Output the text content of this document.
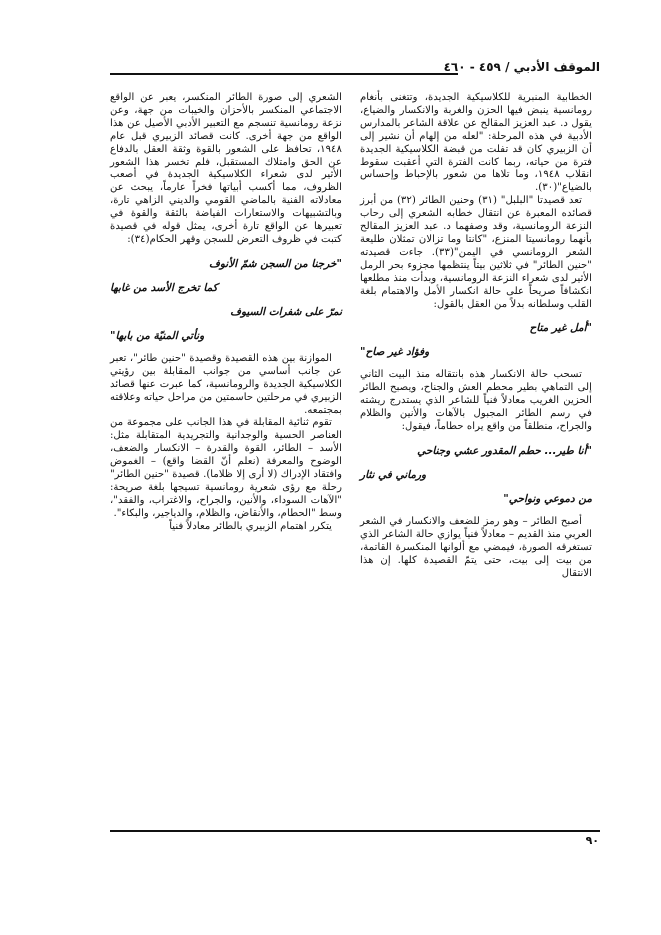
الموقف الأدبي / ٤٥٩ - ٤٦٠

الخطابية المنبرية للكلاسيكية الجديدة، وتتغنى بأنغام رومانسية ينبض فيها الحزن والغربة والانكسار والضياع، يقول د. عبد العزيز المقالح عن علاقة الشاعر بالمدارس الأدبية في هذه المرحلة: "لعله من إلهام أن نشير إلى أن الزبيري كان قد تفلت من قبضة الكلاسيكية الجديدة فترة من حياته، ربما كانت الفترة التي أعقبت سقوط انقلاب ١٩٤٨، وما تلاها من شعور بالإحباط وإحساس بالضياع"(٣٠).

تعد قصيدتا "البلبل" (٣١) وحنين الطائر (٣٢) من أبرز قصائده المعبرة عن انتقال خطابه الشعري إلى رحاب النزعة الرومانسية، وقد وصفهما د. عبد العزيز المقالح بأنهما رومانسيتا المنزع، "كانتا وما تزالان تمثلان طليعة الشعر الرومانسي في اليمن"(٣٣). جاءت قصيدته "حنين الطائر" في ثلاثين بيتاً ينتظمها مجزوء بحر الرمل الأثير لدى شعراء النزعة الرومانسية، وبدأت منذ مطلعها انكشافاً صريحاً على حالة انكسار الأمل والاهتمام بلغة القلب وسلطانه بدلاً من العقل بالقول:

"أمل غير متاح
وفؤاد غير صاح"

تسحب حالة الانكسار هذه بانتقاله منذ البيت الثاني إلى التماهي بطير محطم العش والجناح، ويصبح الطائر الحزين الغريب معادلاً فنياً للشاعر الذي يستدرج ريشته في رسم الطائر المجبول بالآهات والأنين والظلام والجراح، منطلقاً من واقع يراه حطاماً، فيقول:

"أنا طير... حطم المقدور عشي وجناحي
ورماني في نثار
من دموعي ونواحي"

أصبح الطائر – وهو رمز للضعف والانكسار في الشعر العربي منذ القديم – معادلاً فنياً يوازي حالة الشاعر الذي تستغرقه الصورة، فيمضي مع ألوانها المنكسرة القاتمة، من بيت إلى بيت، حتى يتمّ القصيدة كلها. إن هذا الانتقال

الشعري إلى صورة الطائر المنكسر، يعبر عن الواقع الاجتماعي المنكسر بالأحزان والخيبات من جهة، وعن نزعة رومانسية تنسجم مع التعبير الأدبي الأصيل عن هذا الواقع من جهة أخرى. كانت قصائد الزبيري قبل عام ١٩٤٨، تحافظ على الشعور بالقوة وثقة العقل بالدفاع عن الحق وامتلاك المستقبل، فلم تخسر هذا الشعور الأثير لدى شعراء الكلاسيكية الجديدة في أصعب الظروف، مما أكسب أبياتها فخراً عارماً، يبحث عن معادلاته الفنية بالماضي القومي والديني الزاهي تارة، وبالتشبيهات والاستعارات الفياضة بالثقة والقوة في تعبيرها عن الواقع تارة أخرى، يمثل قوله في قصيدة كتبت في ظروف التعرض للسجن وقهر الحكام(٣٤):

"خرجنا من السجن شمّ الأنوف
كما تخرج الأسد من غابها
نمرّ على شفرات السيوف
ونأتي المنيّة من بابها"

الموازنة بين هذه القصيدة وقصيدة "حنين طائر"، تعبر عن جانب أساسي من جوانب المقابلة بين رؤيتي الكلاسيكية الجديدة والرومانسية، كما عبرت عنها قصائد الزبيري في مرحلتين حاسمتين من مراحل حياته وعلاقته بمجتمعه.

تقوم ثنائية المقابلة في هذا الجانب على مجموعة من العناصر الحسية والوجدانية والتجريدية المتقابلة مثل: الأسد – الطائر، القوة والقدرة – الانكسار والضعف، الوضوح والمعرفة (نعلم أنّ القضا واقع) – الغموض وافتقاد الإدراك (لا أرى إلا ظلاما). قصيدة "حنين الطائر" رحلة مع رؤى شعرية رومانسية تسيجها بلغة صريحة: "الآهات السوداء، والأنين، والجراح، والاغتراب، والفقد"، وسط "الحطام، والأنقاض، والظلام، والدياجير، والبكاء".

يتكرر اهتمام الزبيري بالطائر معادلاً فنياً

٩٠
